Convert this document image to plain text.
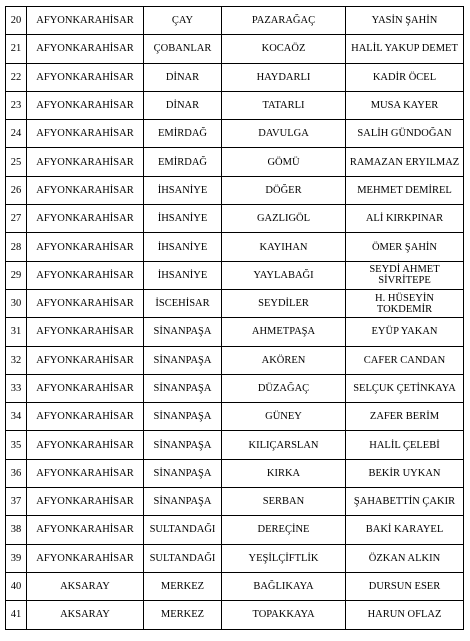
20	AFYONKARAHİSAR	ÇAY	PAZARAĞAÇ	YASİN ŞAHİN
21	AFYONKARAHİSAR	ÇOBANLAR	KOCAÖZ	HALİL YAKUP DEMET
22	AFYONKARAHİSAR	DİNAR	HAYDARLI	KADİR ÖCEL
23	AFYONKARAHİSAR	DİNAR	TATARLI	MUSA KAYER
24	AFYONKARAHİSAR	EMİRDAĞ	DAVULGA	SALİH GÜNDOĞAN
25	AFYONKARAHİSAR	EMİRDAĞ	GÖMÜ	RAMAZAN ERYILMAZ
26	AFYONKARAHİSAR	İHSANİYE	DÖĞER	MEHMET DEMİREL
27	AFYONKARAHİSAR	İHSANİYE	GAZLIGÖL	ALİ KIRKPINAR
28	AFYONKARAHİSAR	İHSANİYE	KAYIHAN	ÖMER ŞAHİN
29	AFYONKARAHİSAR	İHSANİYE	YAYLABAĞI	SEYDİ AHMET SİVRİTEPE
30	AFYONKARAHİSAR	İSCEHİSAR	SEYDİLER	H. HÜSEYİN TOKDEMİR
31	AFYONKARAHİSAR	SİNANPAŞA	AHMETPAŞA	EYÜP YAKAN
32	AFYONKARAHİSAR	SİNANPAŞA	AKÖREN	CAFER CANDAN
33	AFYONKARAHİSAR	SİNANPAŞA	DÜZAĞAÇ	SELÇUK ÇETİNKAYA
34	AFYONKARAHİSAR	SİNANPAŞA	GÜNEY	ZAFER BERİM
35	AFYONKARAHİSAR	SİNANPAŞA	KILIÇARSLAN	HALİL ÇELEBİ
36	AFYONKARAHİSAR	SİNANPAŞA	KIRKA	BEKİR UYKAN
37	AFYONKARAHİSAR	SİNANPAŞA	SERBAN	ŞAHABETTİN ÇAKIR
38	AFYONKARAHİSAR	SULTANDAĞI	DEREÇİNE	BAKİ KARAYEL
39	AFYONKARAHİSAR	SULTANDAĞI	YEŞİLÇİFTLİK	ÖZKAN ALKIN
40	AKSARAY	MERKEZ	BAĞLIKAYA	DURSUN ESER
41	AKSARAY	MERKEZ	TOPAKKAYA	HARUN OFLAZ
